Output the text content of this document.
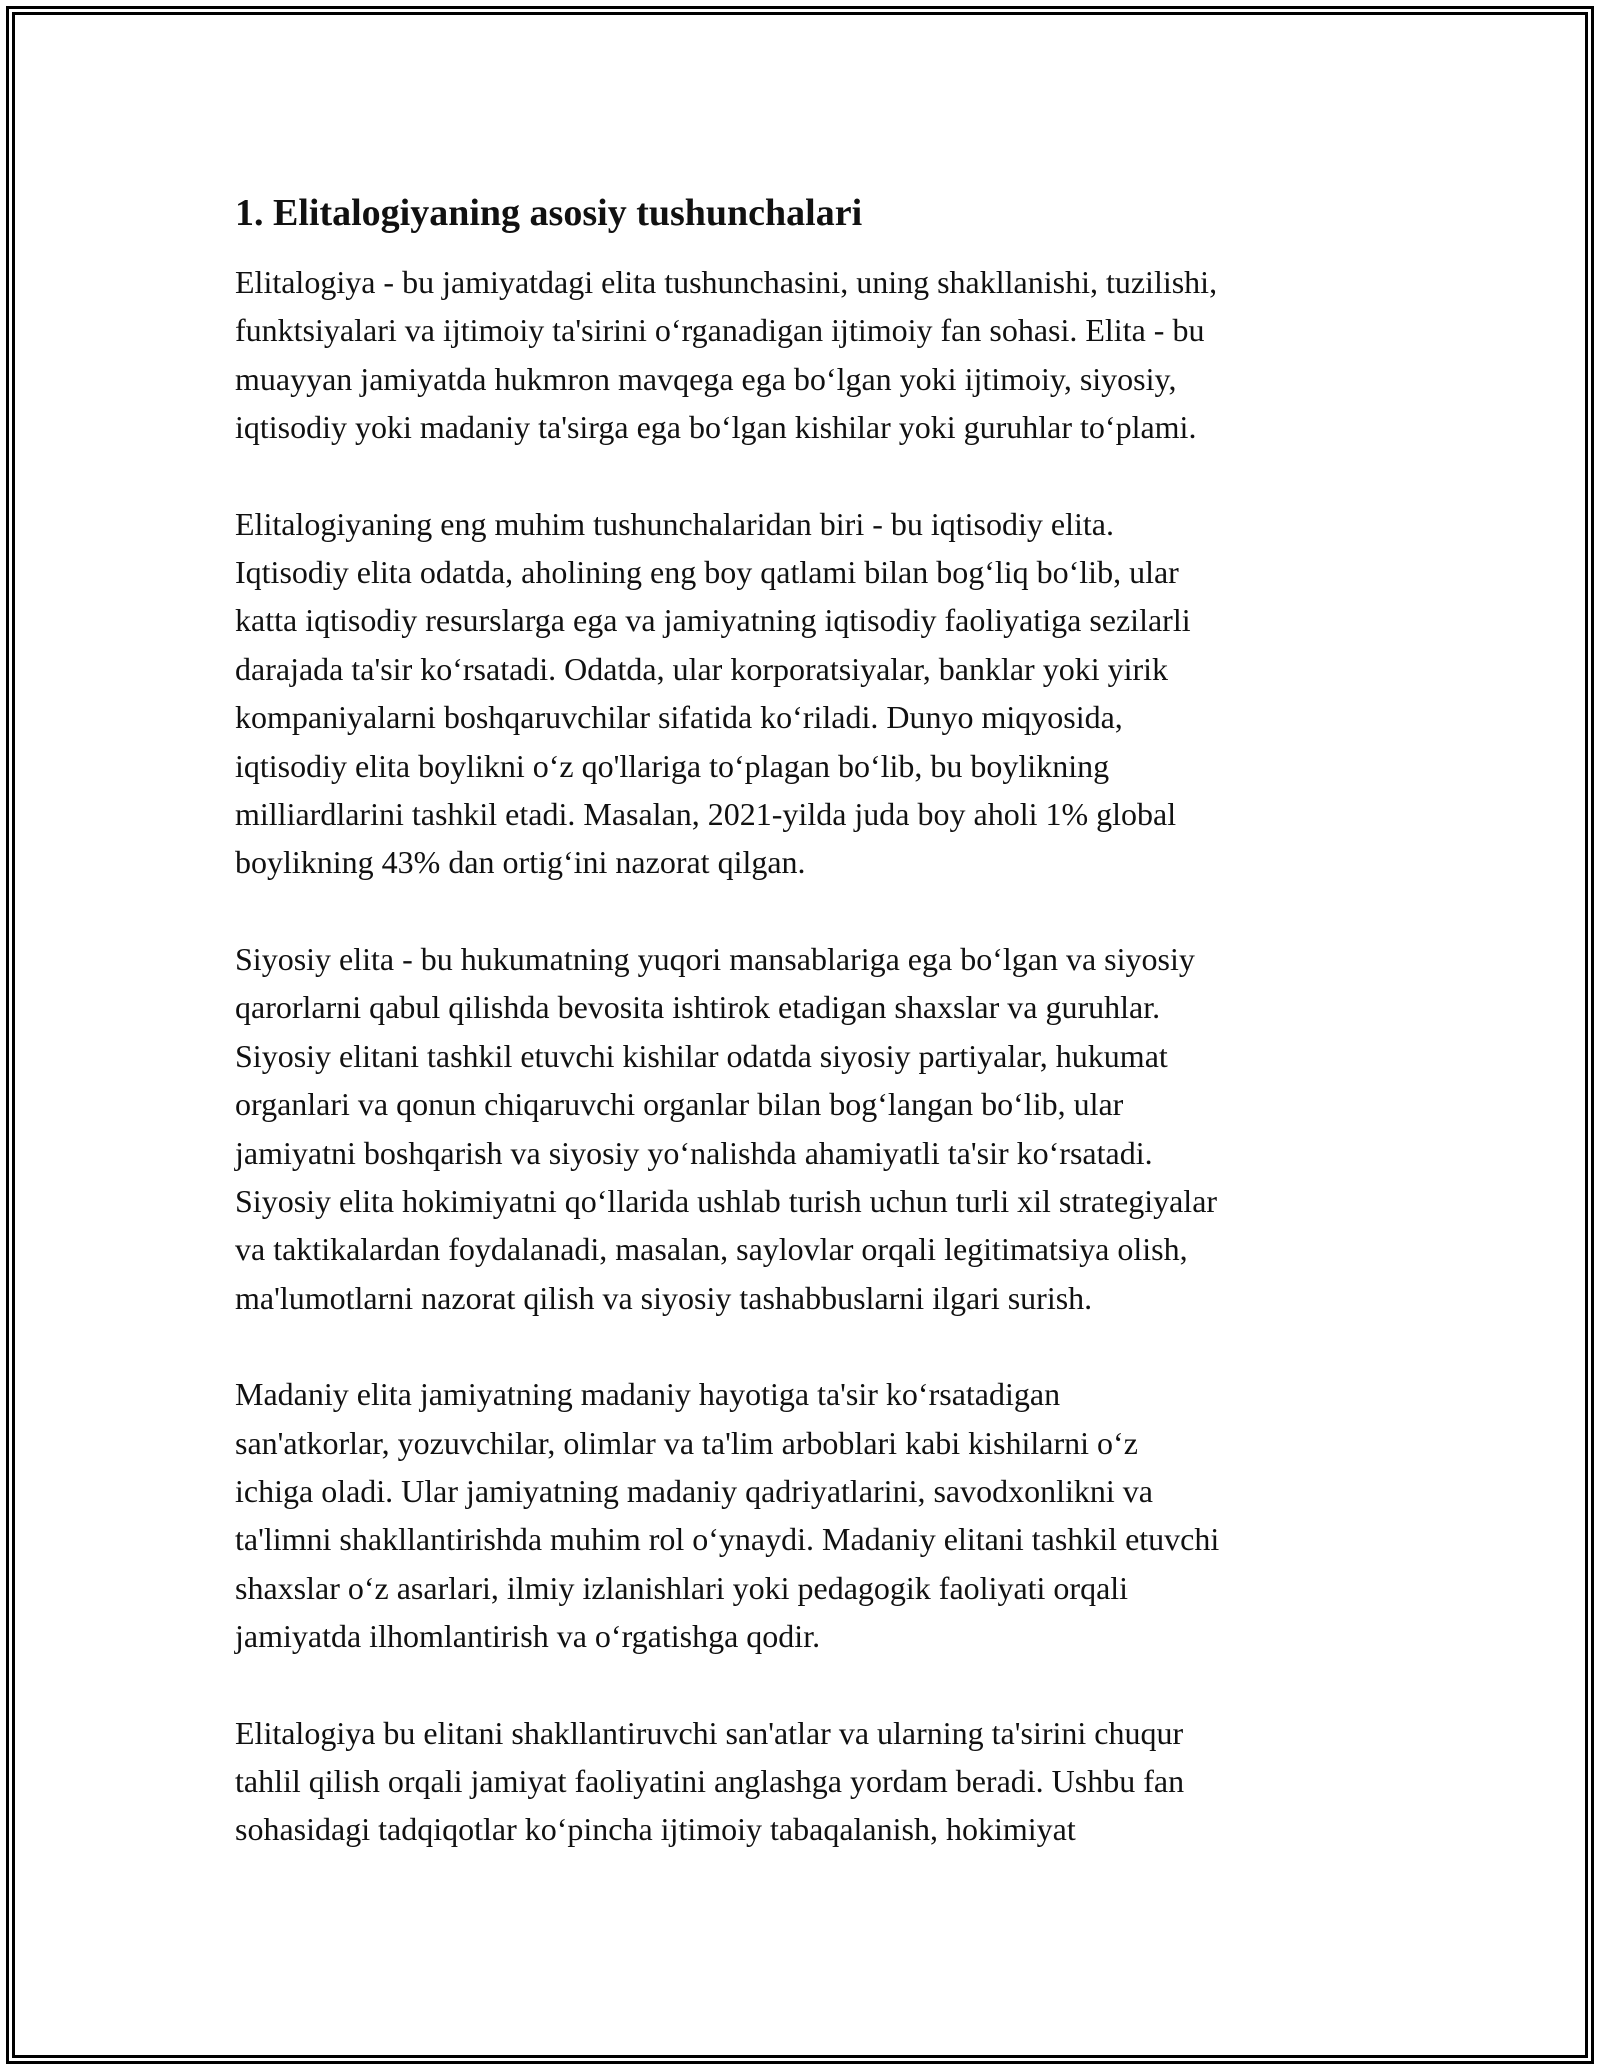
1. Elitalogiyaning asosiy tushunchalari

Elitalogiya - bu jamiyatdagi elita tushunchasini, uning shakllanishi, tuzilishi,
funktsiyalari va ijtimoiy ta'sirini oʻrganadigan ijtimoiy fan sohasi. Elita - bu
muayyan jamiyatda hukmron mavqega ega boʻlgan yoki ijtimoiy, siyosiy,
iqtisodiy yoki madaniy ta'sirga ega boʻlgan kishilar yoki guruhlar toʻplami.

Elitalogiyaning eng muhim tushunchalaridan biri - bu iqtisodiy elita.
Iqtisodiy elita odatda, aholining eng boy qatlami bilan bogʻliq boʻlib, ular
katta iqtisodiy resurslarga ega va jamiyatning iqtisodiy faoliyatiga sezilarli
darajada ta'sir koʻrsatadi. Odatda, ular korporatsiyalar, banklar yoki yirik
kompaniyalarni boshqaruvchilar sifatida koʻriladi. Dunyo miqyosida,
iqtisodiy elita boylikni oʻz qo'llariga toʻplagan boʻlib, bu boylikning
milliardlarini tashkil etadi. Masalan, 2021-yilda juda boy aholi 1% global
boylikning 43% dan ortigʻini nazorat qilgan.

Siyosiy elita - bu hukumatning yuqori mansablariga ega boʻlgan va siyosiy
qarorlarni qabul qilishda bevosita ishtirok etadigan shaxslar va guruhlar.
Siyosiy elitani tashkil etuvchi kishilar odatda siyosiy partiyalar, hukumat
organlari va qonun chiqaruvchi organlar bilan bogʻlangan boʻlib, ular
jamiyatni boshqarish va siyosiy yoʻnalishda ahamiyatli ta'sir koʻrsatadi.
Siyosiy elita hokimiyatni qoʻllarida ushlab turish uchun turli xil strategiyalar
va taktikalardan foydalanadi, masalan, saylovlar orqali legitimatsiya olish,
ma'lumotlarni nazorat qilish va siyosiy tashabbuslarni ilgari surish.

Madaniy elita jamiyatning madaniy hayotiga ta'sir koʻrsatadigan
san'atkorlar, yozuvchilar, olimlar va ta'lim arboblari kabi kishilarni oʻz
ichiga oladi. Ular jamiyatning madaniy qadriyatlarini, savodxonlikni va
ta'limni shakllantirishda muhim rol oʻynaydi. Madaniy elitani tashkil etuvchi
shaxslar oʻz asarlari, ilmiy izlanishlari yoki pedagogik faoliyati orqali
jamiyatda ilhomlantirish va oʻrgatishga qodir.

Elitalogiya bu elitani shakllantiruvchi san'atlar va ularning ta'sirini chuqur
tahlil qilish orqali jamiyat faoliyatini anglashga yordam beradi. Ushbu fan
sohasidagi tadqiqotlar koʻpincha ijtimoiy tabaqalanish, hokimiyat
